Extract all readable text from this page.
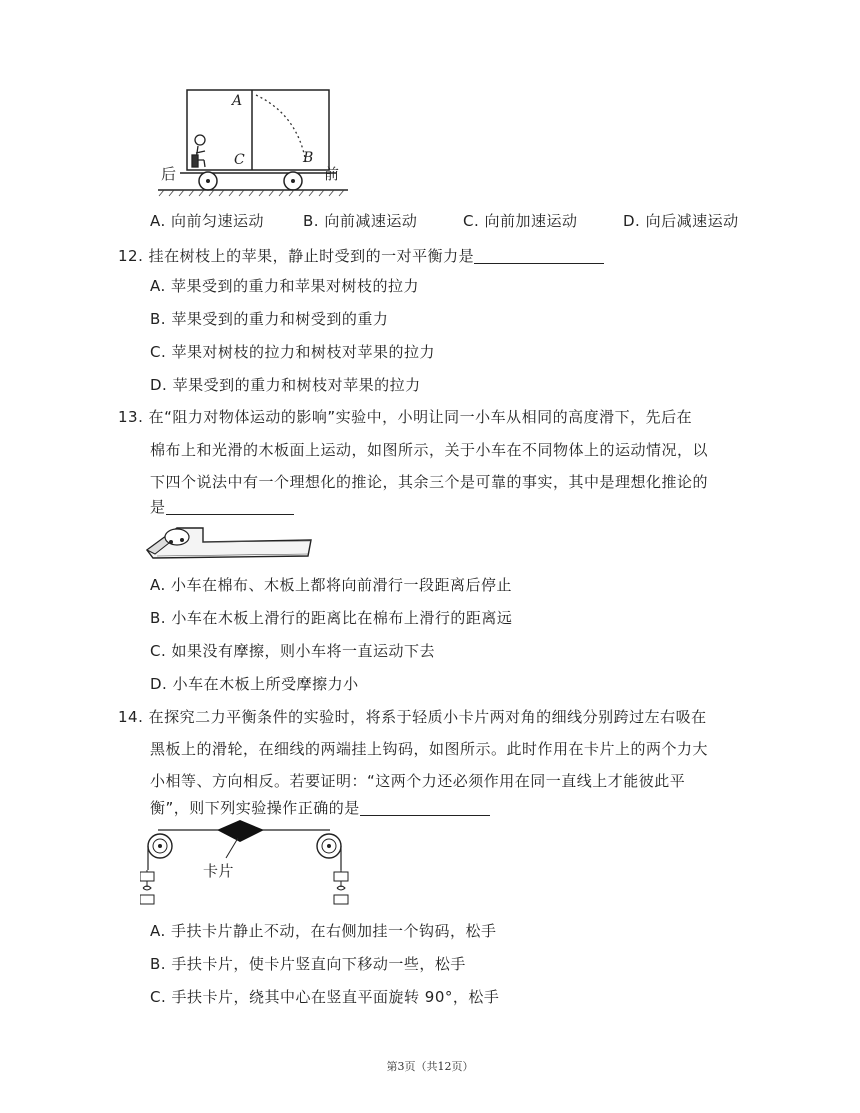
A
C	B
后	前
A. 向前匀速运动	B. 向前减速运动	C. 向前加速运动	D. 向后减速运动
12. 挂在树枝上的苹果，静止时受到的一对平衡力是
A. 苹果受到的重力和苹果对树枝的拉力
B. 苹果受到的重力和树受到的重力
C. 苹果对树枝的拉力和树枝对苹果的拉力
D. 苹果受到的重力和树枝对苹果的拉力
13. 在“阻力对物体运动的影响”实验中，小明让同一小车从相同的高度滑下，先后在
棉布上和光滑的木板面上运动，如图所示，关于小车在不同物体上的运动情况，以
下四个说法中有一个理想化的推论，其余三个是可靠的事实，其中是理想化推论的
是
A. 小车在棉布、木板上都将向前滑行一段距离后停止
B. 小车在木板上滑行的距离比在棉布上滑行的距离远
C. 如果没有摩擦，则小车将一直运动下去
D. 小车在木板上所受摩擦力小
14. 在探究二力平衡条件的实验时，将系于轻质小卡片两对角的细线分别跨过左右吸在
黑板上的滑轮，在细线的两端挂上钩码，如图所示。此时作用在卡片上的两个力大
小相等、方向相反。若要证明：“这两个力还必须作用在同一直线上才能彼此平
衡”，则下列实验操作正确的是
卡片
A. 手扶卡片静止不动，在右侧加挂一个钩码，松手
B. 手扶卡片，使卡片竖直向下移动一些，松手
C. 手扶卡片，绕其中心在竖直平面旋转 90°，松手
第3页（共12页）
